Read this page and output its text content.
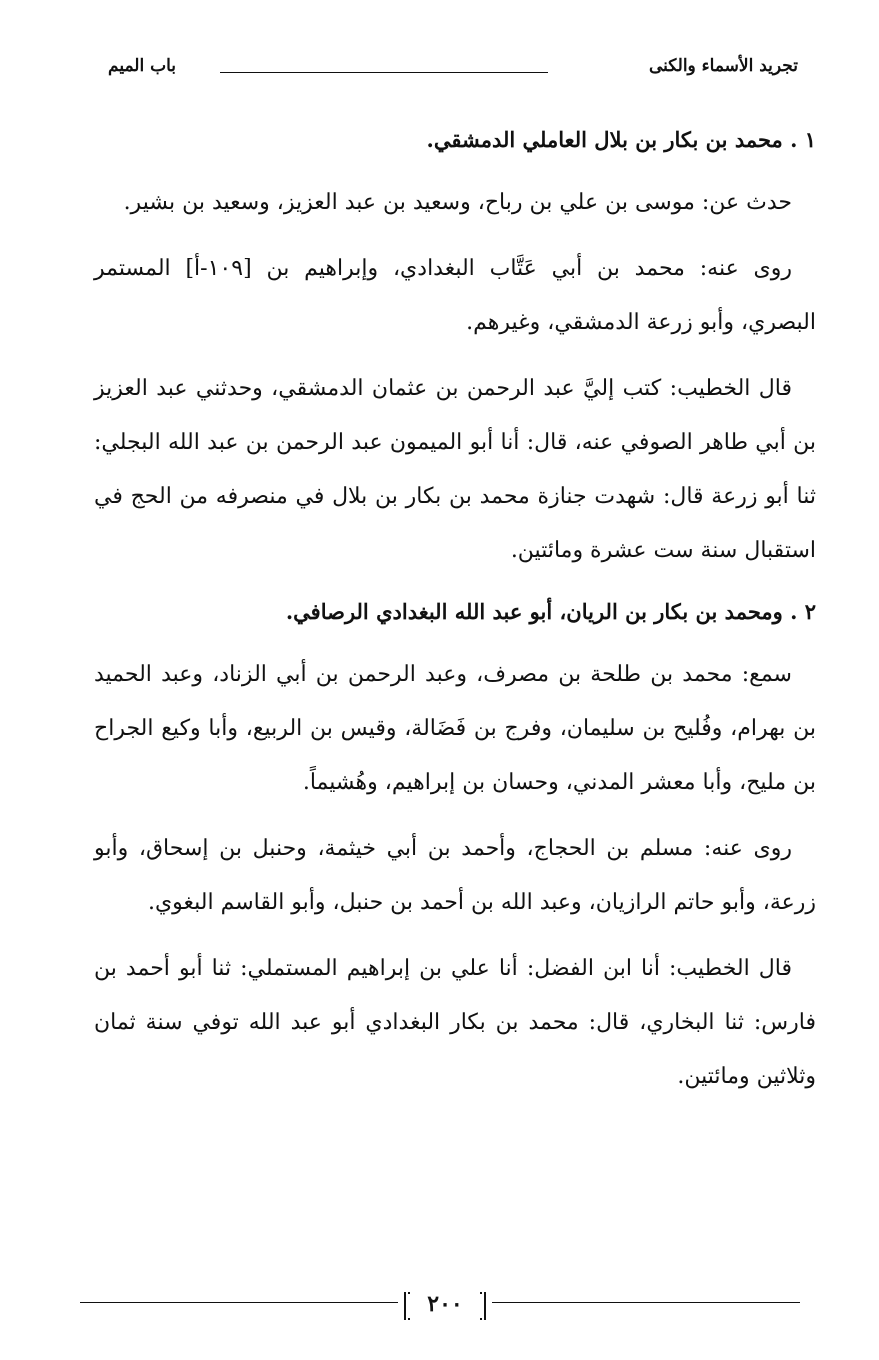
تجريد الأسماء والكنى
باب الميم
١ . محمد بن بكار بن بلال العاملي الدمشقي.

حدث عن: موسى بن علي بن رباح، وسعيد بن عبد العزيز، وسعيد بن بشير.

روى عنه: محمد بن أبي عَتَّاب البغدادي، وإبراهيم بن [١٠٩-أ] المستمر البصري، وأبو زرعة الدمشقي، وغيرهم.

قال الخطيب: كتب إليَّ عبد الرحمن بن عثمان الدمشقي، وحدثني عبد العزيز بن أبي طاهر الصوفي عنه، قال: أنا أبو الميمون عبد الرحمن بن عبد الله البجلي: ثنا أبو زرعة قال: شهدت جنازة محمد بن بكار بن بلال في منصرفه من الحج في استقبال سنة ست عشرة ومائتين.

٢ . ومحمد بن بكار بن الريان، أبو عبد الله البغدادي الرصافي.

سمع: محمد بن طلحة بن مصرف، وعبد الرحمن بن أبي الزناد، وعبد الحميد بن بهرام، وفُليح بن سليمان، وفرج بن فَضَالة، وقيس بن الربيع، وأبا وكيع الجراح بن مليح، وأبا معشر المدني، وحسان بن إبراهيم، وهُشيماً.

روى عنه: مسلم بن الحجاج، وأحمد بن أبي خيثمة، وحنبل بن إسحاق، وأبو زرعة، وأبو حاتم الرازيان، وعبد الله بن أحمد بن حنبل، وأبو القاسم البغوي.

قال الخطيب: أنا ابن الفضل: أنا علي بن إبراهيم المستملي: ثنا أبو أحمد بن فارس: ثنا البخاري، قال: محمد بن بكار البغدادي أبو عبد الله توفي سنة ثمان وثلاثين ومائتين.

٢٠٠
